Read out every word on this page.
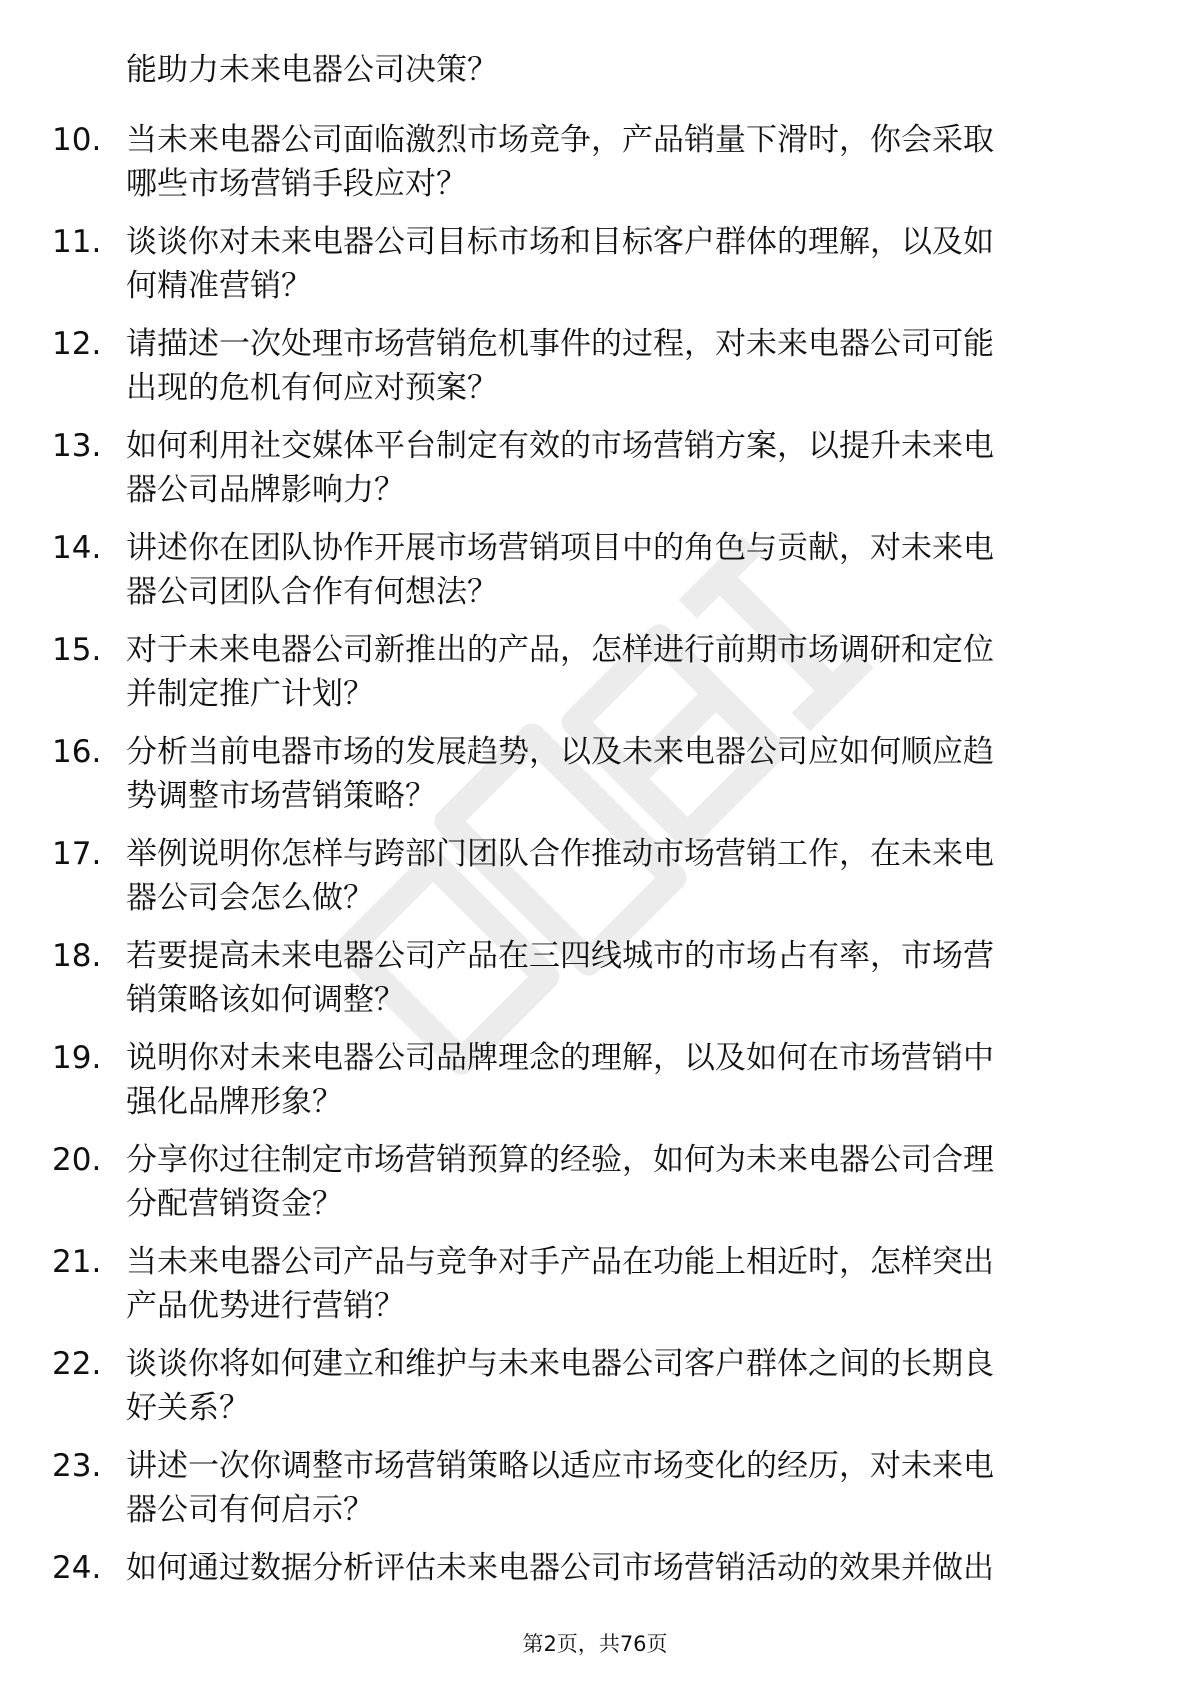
能助力未来电器公司决策？
10. 当未来电器公司面临激烈市场竞争，产品销量下滑时，你会采取
哪些市场营销手段应对？
11. 谈谈你对未来电器公司目标市场和目标客户群体的理解，以及如
何精准营销？
12. 请描述一次处理市场营销危机事件的过程，对未来电器公司可能
出现的危机有何应对预案？
13. 如何利用社交媒体平台制定有效的市场营销方案，以提升未来电
器公司品牌影响力？
14. 讲述你在团队协作开展市场营销项目中的角色与贡献，对未来电
器公司团队合作有何想法？
15. 对于未来电器公司新推出的产品，怎样进行前期市场调研和定位
并制定推广计划？
16. 分析当前电器市场的发展趋势，以及未来电器公司应如何顺应趋
势调整市场营销策略？
17. 举例说明你怎样与跨部门团队合作推动市场营销工作，在未来电
器公司会怎么做？
18. 若要提高未来电器公司产品在三四线城市的市场占有率，市场营
销策略该如何调整？
19. 说明你对未来电器公司品牌理念的理解，以及如何在市场营销中
强化品牌形象？
20. 分享你过往制定市场营销预算的经验，如何为未来电器公司合理
分配营销资金？
21. 当未来电器公司产品与竞争对手产品在功能上相近时，怎样突出
产品优势进行营销？
22. 谈谈你将如何建立和维护与未来电器公司客户群体之间的长期良
好关系？
23. 讲述一次你调整市场营销策略以适应市场变化的经历，对未来电
器公司有何启示？
24. 如何通过数据分析评估未来电器公司市场营销活动的效果并做出
第2页，共76页
